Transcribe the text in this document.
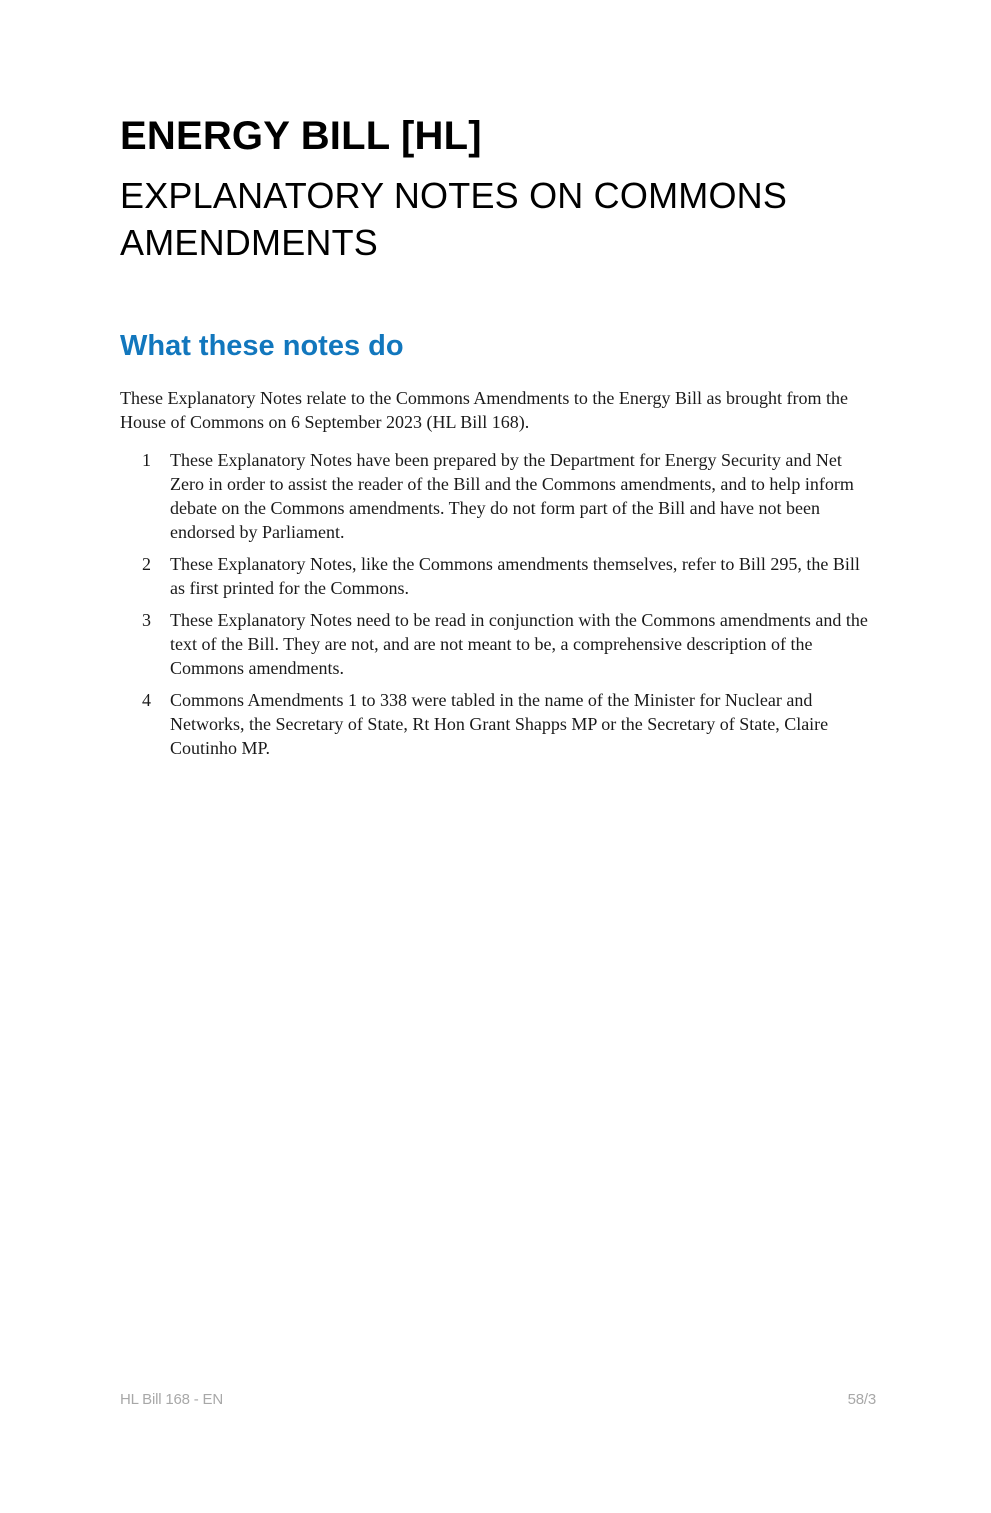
ENERGY BILL [HL]
EXPLANATORY NOTES ON COMMONS AMENDMENTS
What these notes do

These Explanatory Notes relate to the Commons Amendments to the Energy Bill as brought from the House of Commons on 6 September 2023 (HL Bill 168).

1	These Explanatory Notes have been prepared by the Department for Energy Security and Net Zero in order to assist the reader of the Bill and the Commons amendments, and to help inform debate on the Commons amendments. They do not form part of the Bill and have not been endorsed by Parliament.
2	These Explanatory Notes, like the Commons amendments themselves, refer to Bill 295, the Bill as first printed for the Commons.
3	These Explanatory Notes need to be read in conjunction with the Commons amendments and the text of the Bill. They are not, and are not meant to be, a comprehensive description of the Commons amendments.
4	Commons Amendments 1 to 338 were tabled in the name of the Minister for Nuclear and Networks, the Secretary of State, Rt Hon Grant Shapps MP or the Secretary of State, Claire Coutinho MP.
HL Bill 168 - EN	58/3
